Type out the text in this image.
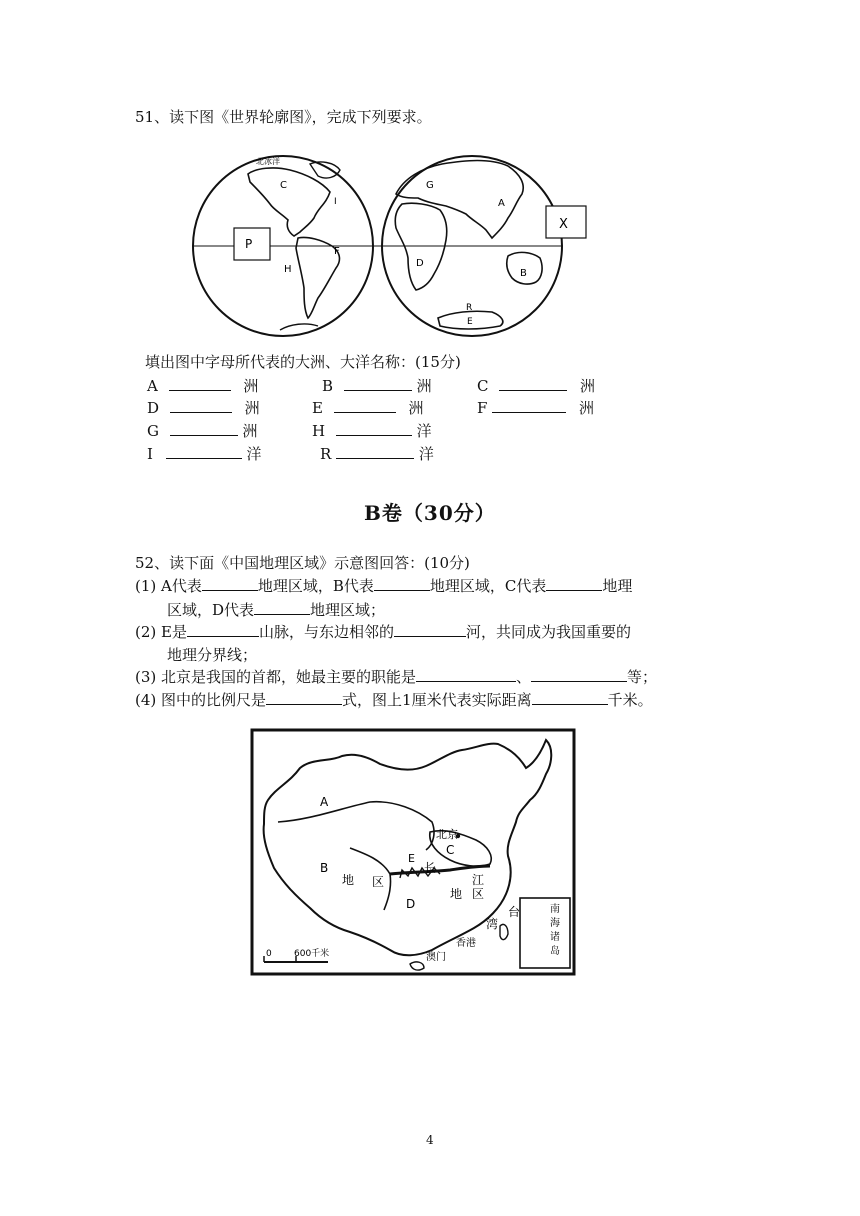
51、读下图《世界轮廓图》，完成下列要求。
北冰洋
C
I
F
H
P
G
A
D
B
R
E
X
填出图中字母所代表的大洲、大洋名称：(15分)
A	洲	B	洲	C	洲
D	洲	E	洲	F	洲
G	洲	H	洋
I	洋	R	洋
B卷（30分）
52、读下面《中国地理区域》示意图回答：(10分)
(1) A代表	地理区域，B代表	地理区域，C代表	地理
区域，D代表	地理区域；
(2) E是	山脉，与东边相邻的	河，共同成为我国重要的
地理分界线；
(3) 北京是我国的首都，她最主要的职能是	、	等；
(4) 图中的比例尺是	式，图上1厘米代表实际距离	千米。
A
B
地 区
北京
C
E
长
江
地 区
D
台
湾
香港
澳门
南
海
诸
岛
0 600千米
4
